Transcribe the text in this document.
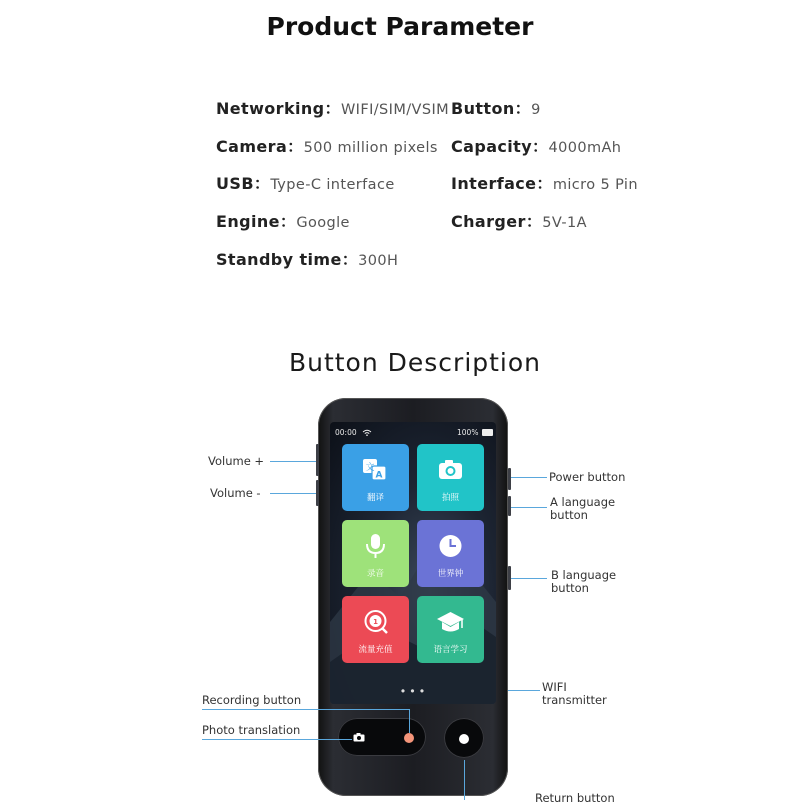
Product Parameter
Networking：WIFI/SIM/VSIM Button：9
Camera：500 million pixels Capacity：4000mAh
USB：Type-C interface	Interface：micro 5 Pin
Engine：Google	Charger：5V-1A
Standby time：300H
Button Description
00:00	100%
文
A
翻译	拍照
录音	世界钟
1
流量充值	语言学习
• • •
Volume +
Volume -
Recording button
Photo translation
Power button
A language
button
B language
button
WIFI
transmitter
Return button
